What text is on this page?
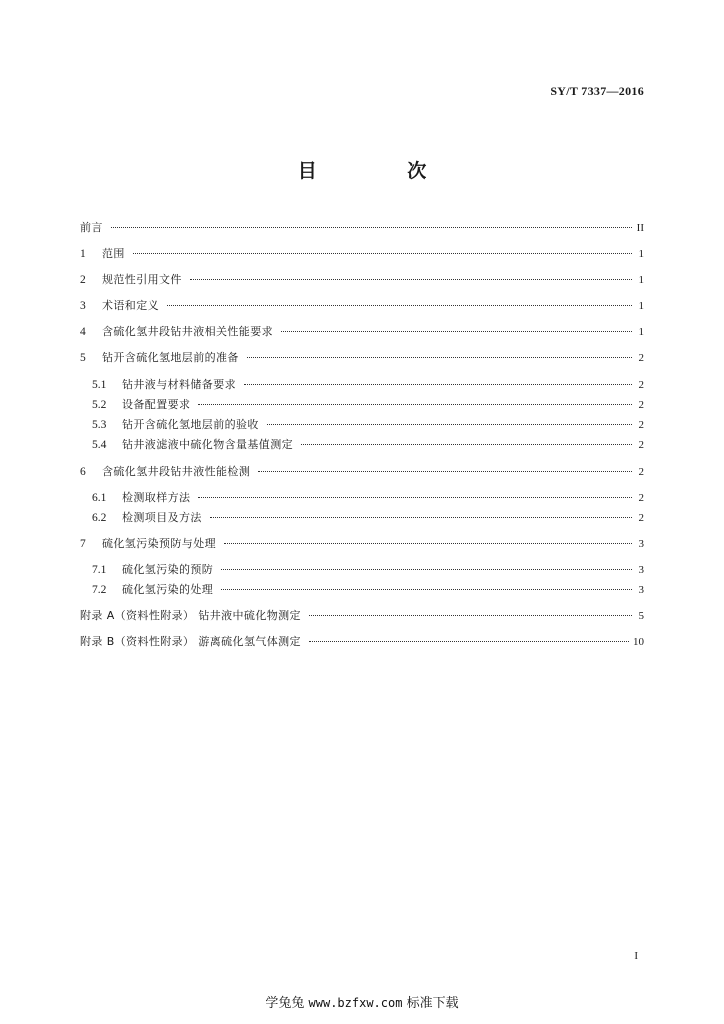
SY/T 7337—2016
目 次
前言	II
1	范围	1
2	规范性引用文件	1
3	术语和定义	1
4	含硫化氢井段钻井液相关性能要求	1
5	钻开含硫化氢地层前的准备	2
5.1	钻井液与材料储备要求	2
5.2	设备配置要求	2
5.3	钻开含硫化氢地层前的验收	2
5.4	钻井液滤液中硫化物含量基值测定	2
6	含硫化氢井段钻井液性能检测	2
6.1	检测取样方法	2
6.2	检测项目及方法	2
7	硫化氢污染预防与处理	3
7.1	硫化氢污染的预防	3
7.2	硫化氢污染的处理	3
附录 A（资料性附录） 钻井液中硫化物测定	5
附录 B（资料性附录） 游离硫化氢气体测定	10
I
学兔兔 www.bzfxw.com 标准下载
